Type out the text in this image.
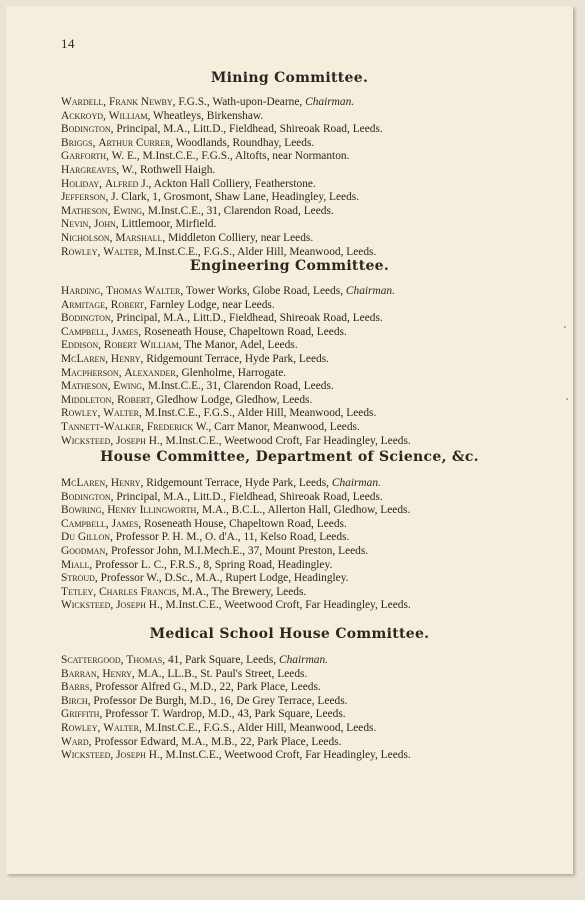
14
Mining Committee.
Wardell, Frank Newby, F.G.S., Wath-upon-Dearne, Chairman.
Ackroyd, William, Wheatleys, Birkenshaw.
Bodington, Principal, M.A., Litt.D., Fieldhead, Shireoak Road, Leeds.
Briggs, Arthur Currer, Woodlands, Roundhay, Leeds.
Garforth, W. E., M.Inst.C.E., F.G.S., Altofts, near Normanton.
Hargreaves, W., Rothwell Haigh.
Holiday, Alfred J., Ackton Hall Colliery, Featherstone.
Jefferson, J. Clark, 1, Grosmont, Shaw Lane, Headingley, Leeds.
Matheson, Ewing, M.Inst.C.E., 31, Clarendon Road, Leeds.
Nevin, John, Littlemoor, Mirfield.
Nicholson, Marshall, Middleton Colliery, near Leeds.
Rowley, Walter, M.Inst.C.E., F.G.S., Alder Hill, Meanwood, Leeds.
Engineering Committee.
Harding, Thomas Walter, Tower Works, Globe Road, Leeds, Chairman.
Armitage, Robert, Farnley Lodge, near Leeds.
Bodington, Principal, M.A., Litt.D., Fieldhead, Shireoak Road, Leeds.
Campbell, James, Roseneath House, Chapeltown Road, Leeds.
Eddison, Robert William, The Manor, Adel, Leeds.
McLaren, Henry, Ridgemount Terrace, Hyde Park, Leeds.
Macpherson, Alexander, Glenholme, Harrogate.
Matheson, Ewing, M.Inst.C.E., 31, Clarendon Road, Leeds.
Middleton, Robert, Gledhow Lodge, Gledhow, Leeds.
Rowley, Walter, M.Inst.C.E., F.G.S., Alder Hill, Meanwood, Leeds.
Tannett-Walker, Frederick W., Carr Manor, Meanwood, Leeds.
Wicksteed, Joseph H., M.Inst.C.E., Weetwood Croft, Far Headingley, Leeds.
House Committee, Department of Science, &c.
McLaren, Henry, Ridgemount Terrace, Hyde Park, Leeds, Chairman.
Bodington, Principal, M.A., Litt.D., Fieldhead, Shireoak Road, Leeds.
Bowring, Henry Illingworth, M.A., B.C.L., Allerton Hall, Gledhow, Leeds.
Campbell, James, Roseneath House, Chapeltown Road, Leeds.
Du Gillon, Professor P. H. M., O. d'A., 11, Kelso Road, Leeds.
Goodman, Professor John, M.I.Mech.E., 37, Mount Preston, Leeds.
Miall, Professor L. C., F.R.S., 8, Spring Road, Headingley.
Stroud, Professor W., D.Sc., M.A., Rupert Lodge, Headingley.
Tetley, Charles Francis, M.A., The Brewery, Leeds.
Wicksteed, Joseph H., M.Inst.C.E., Weetwood Croft, Far Headingley, Leeds.
Medical School House Committee.
Scattergood, Thomas, 41, Park Square, Leeds, Chairman.
Barran, Henry, M.A., LL.B., St. Paul's Street, Leeds.
Barrs, Professor Alfred G., M.D., 22, Park Place, Leeds.
Birch, Professor De Burgh, M.D., 16, De Grey Terrace, Leeds.
Griffith, Professor T. Wardrop, M.D., 43, Park Square, Leeds.
Rowley, Walter, M.Inst.C.E., F.G.S., Alder Hill, Meanwood, Leeds.
Ward, Professor Edward, M.A., M.B., 22, Park Place, Leeds.
Wicksteed, Joseph H., M.Inst.C.E., Weetwood Croft, Far Headingley, Leeds.
